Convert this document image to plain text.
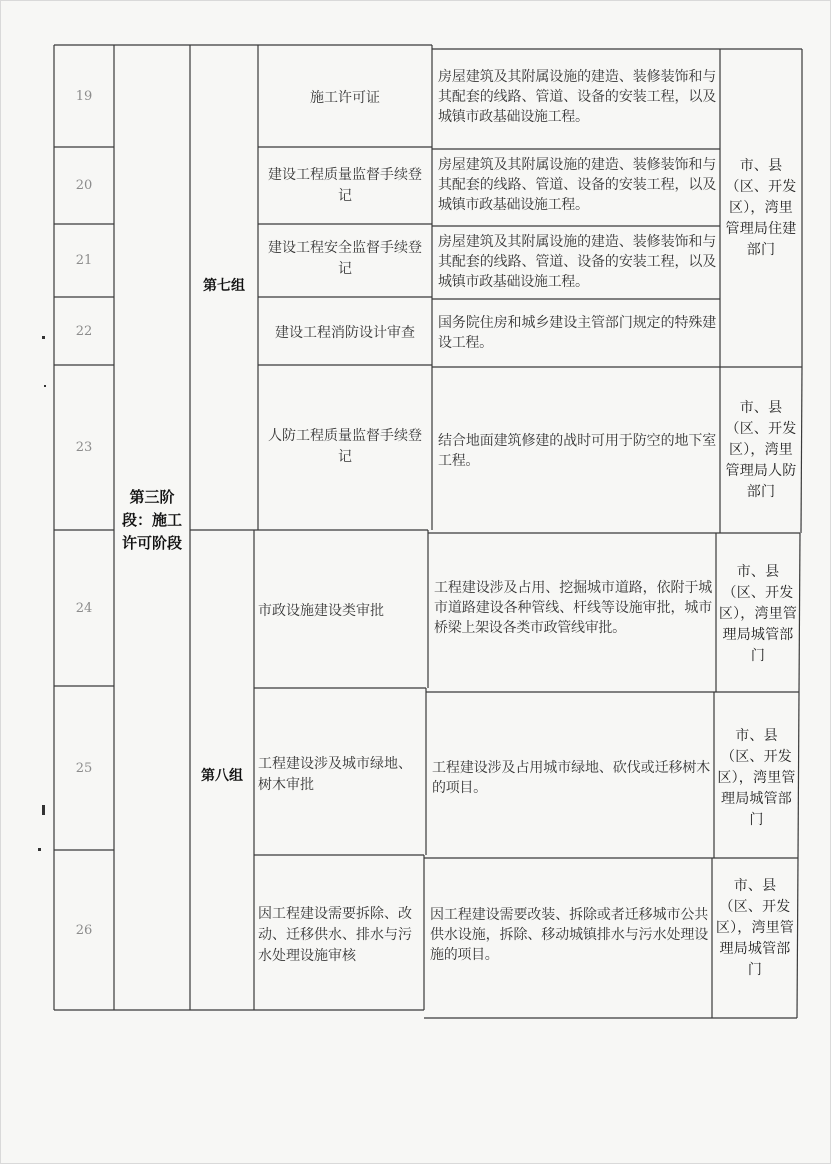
19
20
21
22
23
24
25
26
第三阶段：施工许可阶段
第七组
第八组
施工许可证
建设工程质量监督手续登记
建设工程安全监督手续登记
建设工程消防设计审查
人防工程质量监督手续登记
市政设施建设类审批
工程建设涉及城市绿地、树木审批
因工程建设需要拆除、改动、迁移供水、排水与污水处理设施审核
房屋建筑及其附属设施的建造、装修装饰和与其配套的线路、管道、设备的安装工程，以及城镇市政基础设施工程。
房屋建筑及其附属设施的建造、装修装饰和与其配套的线路、管道、设备的安装工程，以及城镇市政基础设施工程。
房屋建筑及其附属设施的建造、装修装饰和与其配套的线路、管道、设备的安装工程，以及城镇市政基础设施工程。
国务院住房和城乡建设主管部门规定的特殊建设工程。
结合地面建筑修建的战时可用于防空的地下室工程。
工程建设涉及占用、挖掘城市道路，依附于城市道路建设各种管线、杆线等设施审批，城市桥梁上架设各类市政管线审批。
工程建设涉及占用城市绿地、砍伐或迁移树木的项目。
因工程建设需要改装、拆除或者迁移城市公共供水设施，拆除、移动城镇排水与污水处理设施的项目。
市、县（区、开发区），湾里管理局住建部门
市、县（区、开发区），湾里管理局人防部门
市、县（区、开发区），湾里管理局城管部门
市、县（区、开发区），湾里管理局城管部门
市、县（区、开发区），湾里管理局城管部门
